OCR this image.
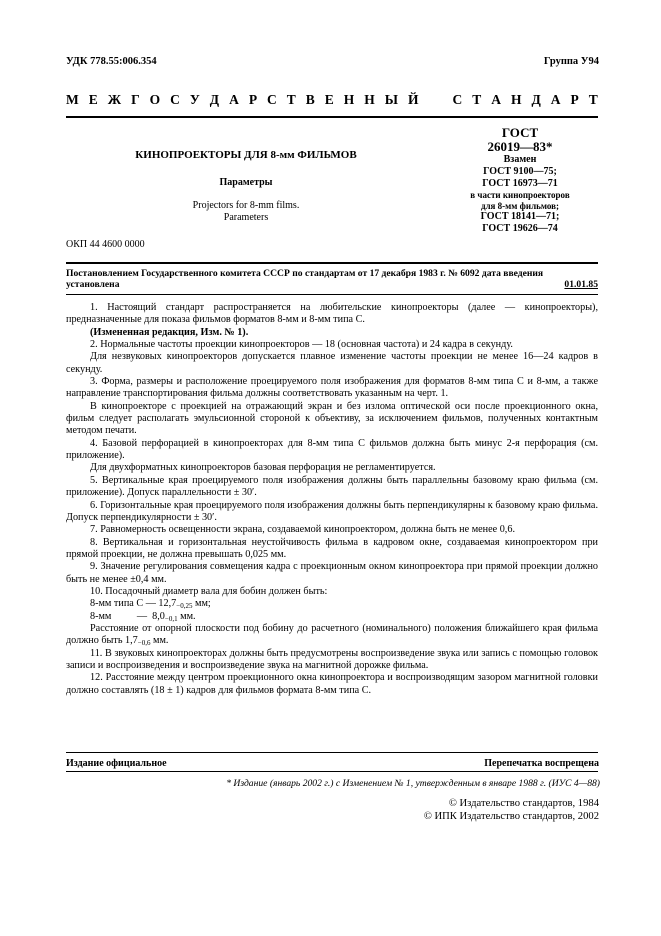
УДК 778.55:006.354	Группа У94
М Е Ж Г О С У Д А Р С Т В Е Н Н Ы Й	С Т А Н Д А Р Т
КИНОПРОЕКТОРЫ ДЛЯ 8-мм ФИЛЬМОВ
Параметры
Projectors for 8-mm films.
Parameters
ОКП 44 4600 0000
ГОСТ
26019—83*
Взамен
ГОСТ 9100—75;
ГОСТ 16973—71
в части кинопроекторов
для 8-мм фильмов;
ГОСТ 18141—71;
ГОСТ 19626—74
Постановлением Государственного комитета СССР по стандартам от 17 декабря 1983 г. № 6092 дата введения установлена	01.01.85

1. Настоящий стандарт распространяется на любительские кинопроекторы (далее — кинопроекторы), предназначенные для показа фильмов форматов 8-мм и 8-мм типа С.

(Измененная редакция, Изм. № 1).

2. Нормальные частоты проекции кинопроекторов — 18 (основная частота) и 24 кадра в секунду.

Для незвуковых кинопроекторов допускается плавное изменение частоты проекции не менее 16—24 кадров в секунду.

3. Форма, размеры и расположение проецируемого поля изображения для форматов 8-мм типа С и 8-мм, а также направление транспортирования фильма должны соответствовать указанным на черт. 1.

В кинопроекторе с проекцией на отражающий экран и без излома оптической оси после проекционного окна, фильм следует располагать эмульсионной стороной к объективу, за исключением фильмов, полученных контактным методом печати.

4. Базовой перфорацией в кинопроекторах для 8-мм типа С фильмов должна быть минус 2-я перфорация (см. приложение).

Для двухформатных кинопроекторов базовая перфорация не регламентируется.

5. Вертикальные края проецируемого поля изображения должны быть параллельны базовому краю фильма (см. приложение). Допуск параллельности ± 30′.

6. Горизонтальные края проецируемого поля изображения должны быть перпендикулярны к базовому краю фильма. Допуск перпендикулярности ± 30′.

7. Равномерность освещенности экрана, создаваемой кинопроектором, должна быть не менее 0,6.

8. Вертикальная и горизонтальная неустойчивость фильма в кадровом окне, создаваемая кинопроектором при прямой проекции, не должна превышать 0,025 мм.

9. Значение регулирования совмещения кадра с проекционным окном кинопроектора при прямой проекции должно быть не менее ±0,4 мм.

10. Посадочный диаметр вала для бобин должен быть:

8-мм типа С — $12,7_{-0,25}$ мм;

8-мм          —  $8,0_{-0,1}$ мм.

Расстояние от опорной плоскости под бобину до расчетного (номинального) положения ближайшего края фильма должно быть $1,7_{-0,6}$ мм.

11. В звуковых кинопроекторах должны быть предусмотрены воспроизведение звука или запись с помощью головок записи и воспроизведения и воспроизведение звука на магнитной дорожке фильма.

12. Расстояние между центром проекционного окна кинопроектора и воспроизводящим зазором магнитной головки должно составлять (18 ± 1) кадров для фильмов формата 8-мм типа С.

Издание официальное	Перепечатка воспрещена
* Издание (январь 2002 г.) с Изменением № 1, утвержденным в январе 1988 г. (ИУС 4—88)
© Издательство стандартов, 1984
© ИПК Издательство стандартов, 2002
